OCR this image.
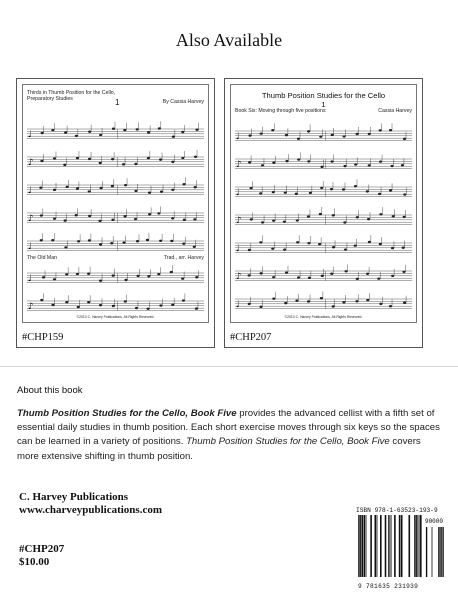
Also Available
Thirds in Thumb Position for the Cello,
Preparatory Studies	1	By Cassia Harvey
♩
♪
♩
♪
♩
The Old Man	Trad., arr. Harvey
♩
♪
©2013 C. Harvey Publications. All Rights Reserved.
#CHP159
Thumb Position Studies for the Cello
1
Book Six: Moving through five positions	Cassia Harvey
♩
♪
♩
♪
♩
♪
♩
©2013 C. Harvey Publications. All Rights Reserved.
#CHP207
About this book
Thumb Position Studies for the Cello, Book Five provides the advanced cellist with a fifth set of essential daily studies in thumb position. Each short exercise moves through six keys so the spaces can be learned in a variety of positions. Thumb Position Studies for the Cello, Book Five covers more extensive shifting in thumb position.
C. Harvey Publications
www.charveypublications.com
#CHP207
$10.00
ISBN 978-1-63523-193-9
90000
9 781635 231939
